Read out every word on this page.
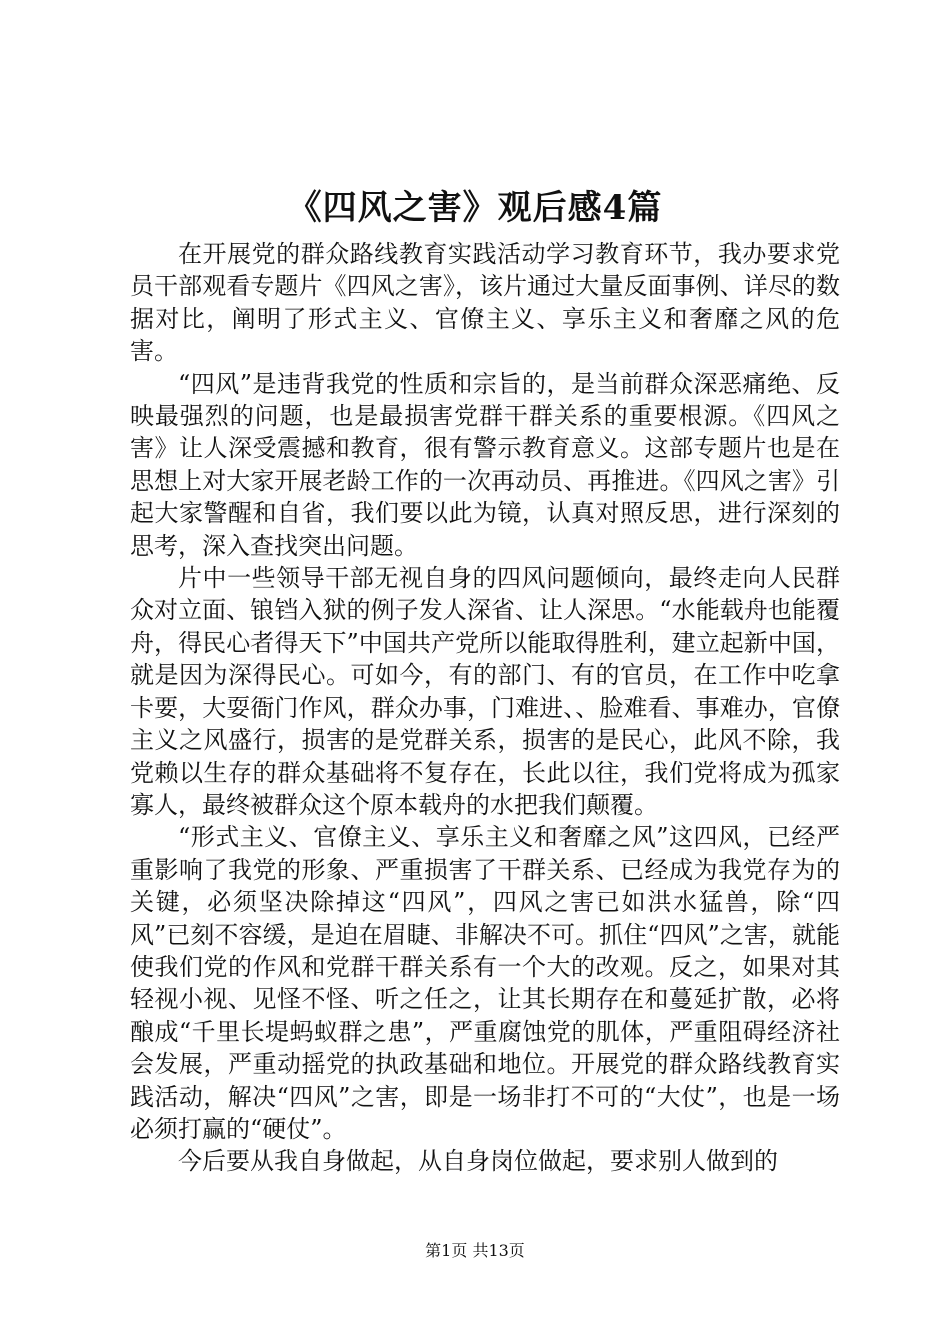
《四风之害》观后感4篇

在开展党的群众路线教育实践活动学习教育环节，我办要求党员干部观看专题片《四风之害》，该片通过大量反面事例、详尽的数据对比，阐明了形式主义、官僚主义、享乐主义和奢靡之风的危害。

“四风”是违背我党的性质和宗旨的，是当前群众深恶痛绝、反映最强烈的问题，也是最损害党群干群关系的重要根源。《四风之害》让人深受震撼和教育，很有警示教育意义。这部专题片也是在思想上对大家开展老龄工作的一次再动员、再推进。《四风之害》引起大家警醒和自省，我们要以此为镜，认真对照反思，进行深刻的思考，深入查找突出问题。

片中一些领导干部无视自身的四风问题倾向，最终走向人民群众对立面、锒铛入狱的例子发人深省、让人深思。“水能载舟也能覆舟，得民心者得天下”中国共产党所以能取得胜利，建立起新中国，就是因为深得民心。可如今，有的部门、有的官员，在工作中吃拿卡要，大耍衙门作风，群众办事，门难进、、脸难看、事难办，官僚主义之风盛行，损害的是党群关系，损害的是民心，此风不除，我党赖以生存的群众基础将不复存在，长此以往，我们党将成为孤家寡人，最终被群众这个原本载舟的水把我们颠覆。

“形式主义、官僚主义、享乐主义和奢靡之风”这四风，已经严重影响了我党的形象、严重损害了干群关系、已经成为我党存为的关键，必须坚决除掉这“四风”，四风之害已如洪水猛兽，除“四风”已刻不容缓，是迫在眉睫、非解决不可。抓住“四风”之害，就能使我们党的作风和党群干群关系有一个大的改观。反之，如果对其轻视小视、见怪不怪、听之任之，让其长期存在和蔓延扩散，必将酿成“千里长堤蚂蚁群之患”，严重腐蚀党的肌体，严重阻碍经济社会发展，严重动摇党的执政基础和地位。开展党的群众路线教育实践活动，解决“四风”之害，即是一场非打不可的“大仗”，也是一场必须打赢的“硬仗”。

今后要从我自身做起，从自身岗位做起，要求别人做到的

第1页 共13页
